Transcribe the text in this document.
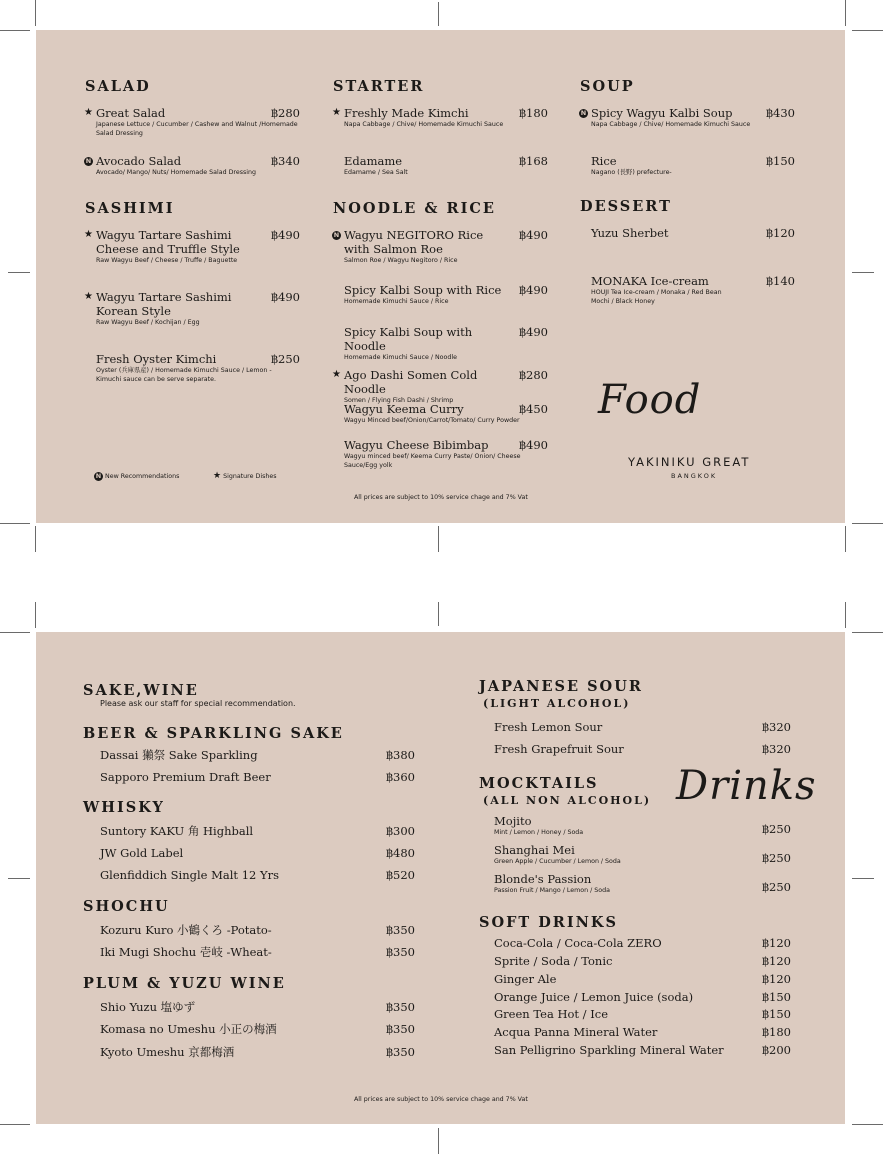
SALAD
★ Great Salad	฿280
Japanese Lettuce / Cucumber / Cashew and Walnut /Homemade Salad Dressing
N Avocado Salad	฿340
Avocado/ Mango/ Nuts/ Homemade Salad Dressing
SASHIMI
★ Wagyu Tartare Sashimi Cheese and Truffle Style
฿490
Raw Wagyu Beef / Cheese / Truffe / Baguette
★ Wagyu Tartare Sashimi Korean Style
฿490
Raw Wagyu Beef / Kochijan / Egg
Fresh Oyster Kimchi	฿250
Oyster (兵庫県産) / Homemade Kimuchi Sauce / Lemon - Kimuchi sauce can be serve separate.
N New Recommendations	★ Signature Dishes
STARTER
★ Freshly Made Kimchi	฿180
Napa Cabbage / Chive/ Homemade Kimuchi Sauce
Edamame	฿168
Edamame / Sea Salt
NOODLE & RICE
N Wagyu NEGITORO Rice with Salmon Roe
฿490
Salmon Roe / Wagyu Negitoro / Rice
Spicy Kalbi Soup with Rice	฿490
Homemade Kimuchi Sauce / Rice
Spicy Kalbi Soup with Noodle
฿490
Homemade Kimuchi Sauce / Noodle
★ Ago Dashi Somen Cold Noodle
฿280
Somen / Flying Fish Dashi / Shrimp
Wagyu Keema Curry	฿450
Wagyu Minced beef/Onion/Carrot/Tomato/ Curry Powder
Wagyu Cheese Bibimbap	฿490
Wagyu minced beef/ Keema Curry Paste/ Onion/ Cheese Sauce/Egg yolk
SOUP
N Spicy Wagyu Kalbi Soup	฿430
Napa Cabbage / Chive/ Homemade Kimuchi Sauce
Rice	฿150
Nagano (長野) prefecture-
DESSERT
Yuzu Sherbet	฿120
MONAKA Ice-cream	฿140
HOUJI Tea Ice-cream / Monaka / Red Bean Mochi / Black Honey
Food
YAKINIKU GREAT
BANGKOK
All prices are subject to 10% service chage and 7% Vat
SAKE,WINE
Please ask our staff for special recommendation.
BEER & SPARKLING SAKE
Dassai 獺祭 Sake Sparkling	฿380
Sapporo Premium Draft Beer	฿360
WHISKY
Suntory KAKU 角 Highball	฿300
JW Gold Label	฿480
Glenfiddich Single Malt 12 Yrs	฿520
SHOCHU
Kozuru Kuro 小鶴くろ -Potato-	฿350
Iki Mugi Shochu 壱岐 -Wheat-	฿350
PLUM & YUZU WINE
Shio Yuzu 塩ゆず	฿350
Komasa no Umeshu 小正の梅酒	฿350
Kyoto Umeshu 京都梅酒	฿350
JAPANESE SOUR
(LIGHT ALCOHOL)
Fresh Lemon Sour	฿320
Fresh Grapefruit Sour	฿320
MOCKTAILS
(ALL NON ALCOHOL)
Mojito
฿250
Mint / Lemon / Honey / Soda
Shanghai Mei
฿250
Green Apple / Cucumber / Lemon / Soda
Blonde's Passion
฿250
Passion Fruit / Mango / Lemon / Soda
SOFT DRINKS
Coca-Cola / Coca-Cola ZERO	฿120
Sprite / Soda / Tonic	฿120
Ginger Ale	฿120
Orange Juice / Lemon Juice (soda)	฿150
Green Tea Hot / Ice	฿150
Acqua Panna Mineral Water	฿180
San Pelligrino Sparkling Mineral Water	฿200
Drinks
All prices are subject to 10% service chage and 7% Vat
